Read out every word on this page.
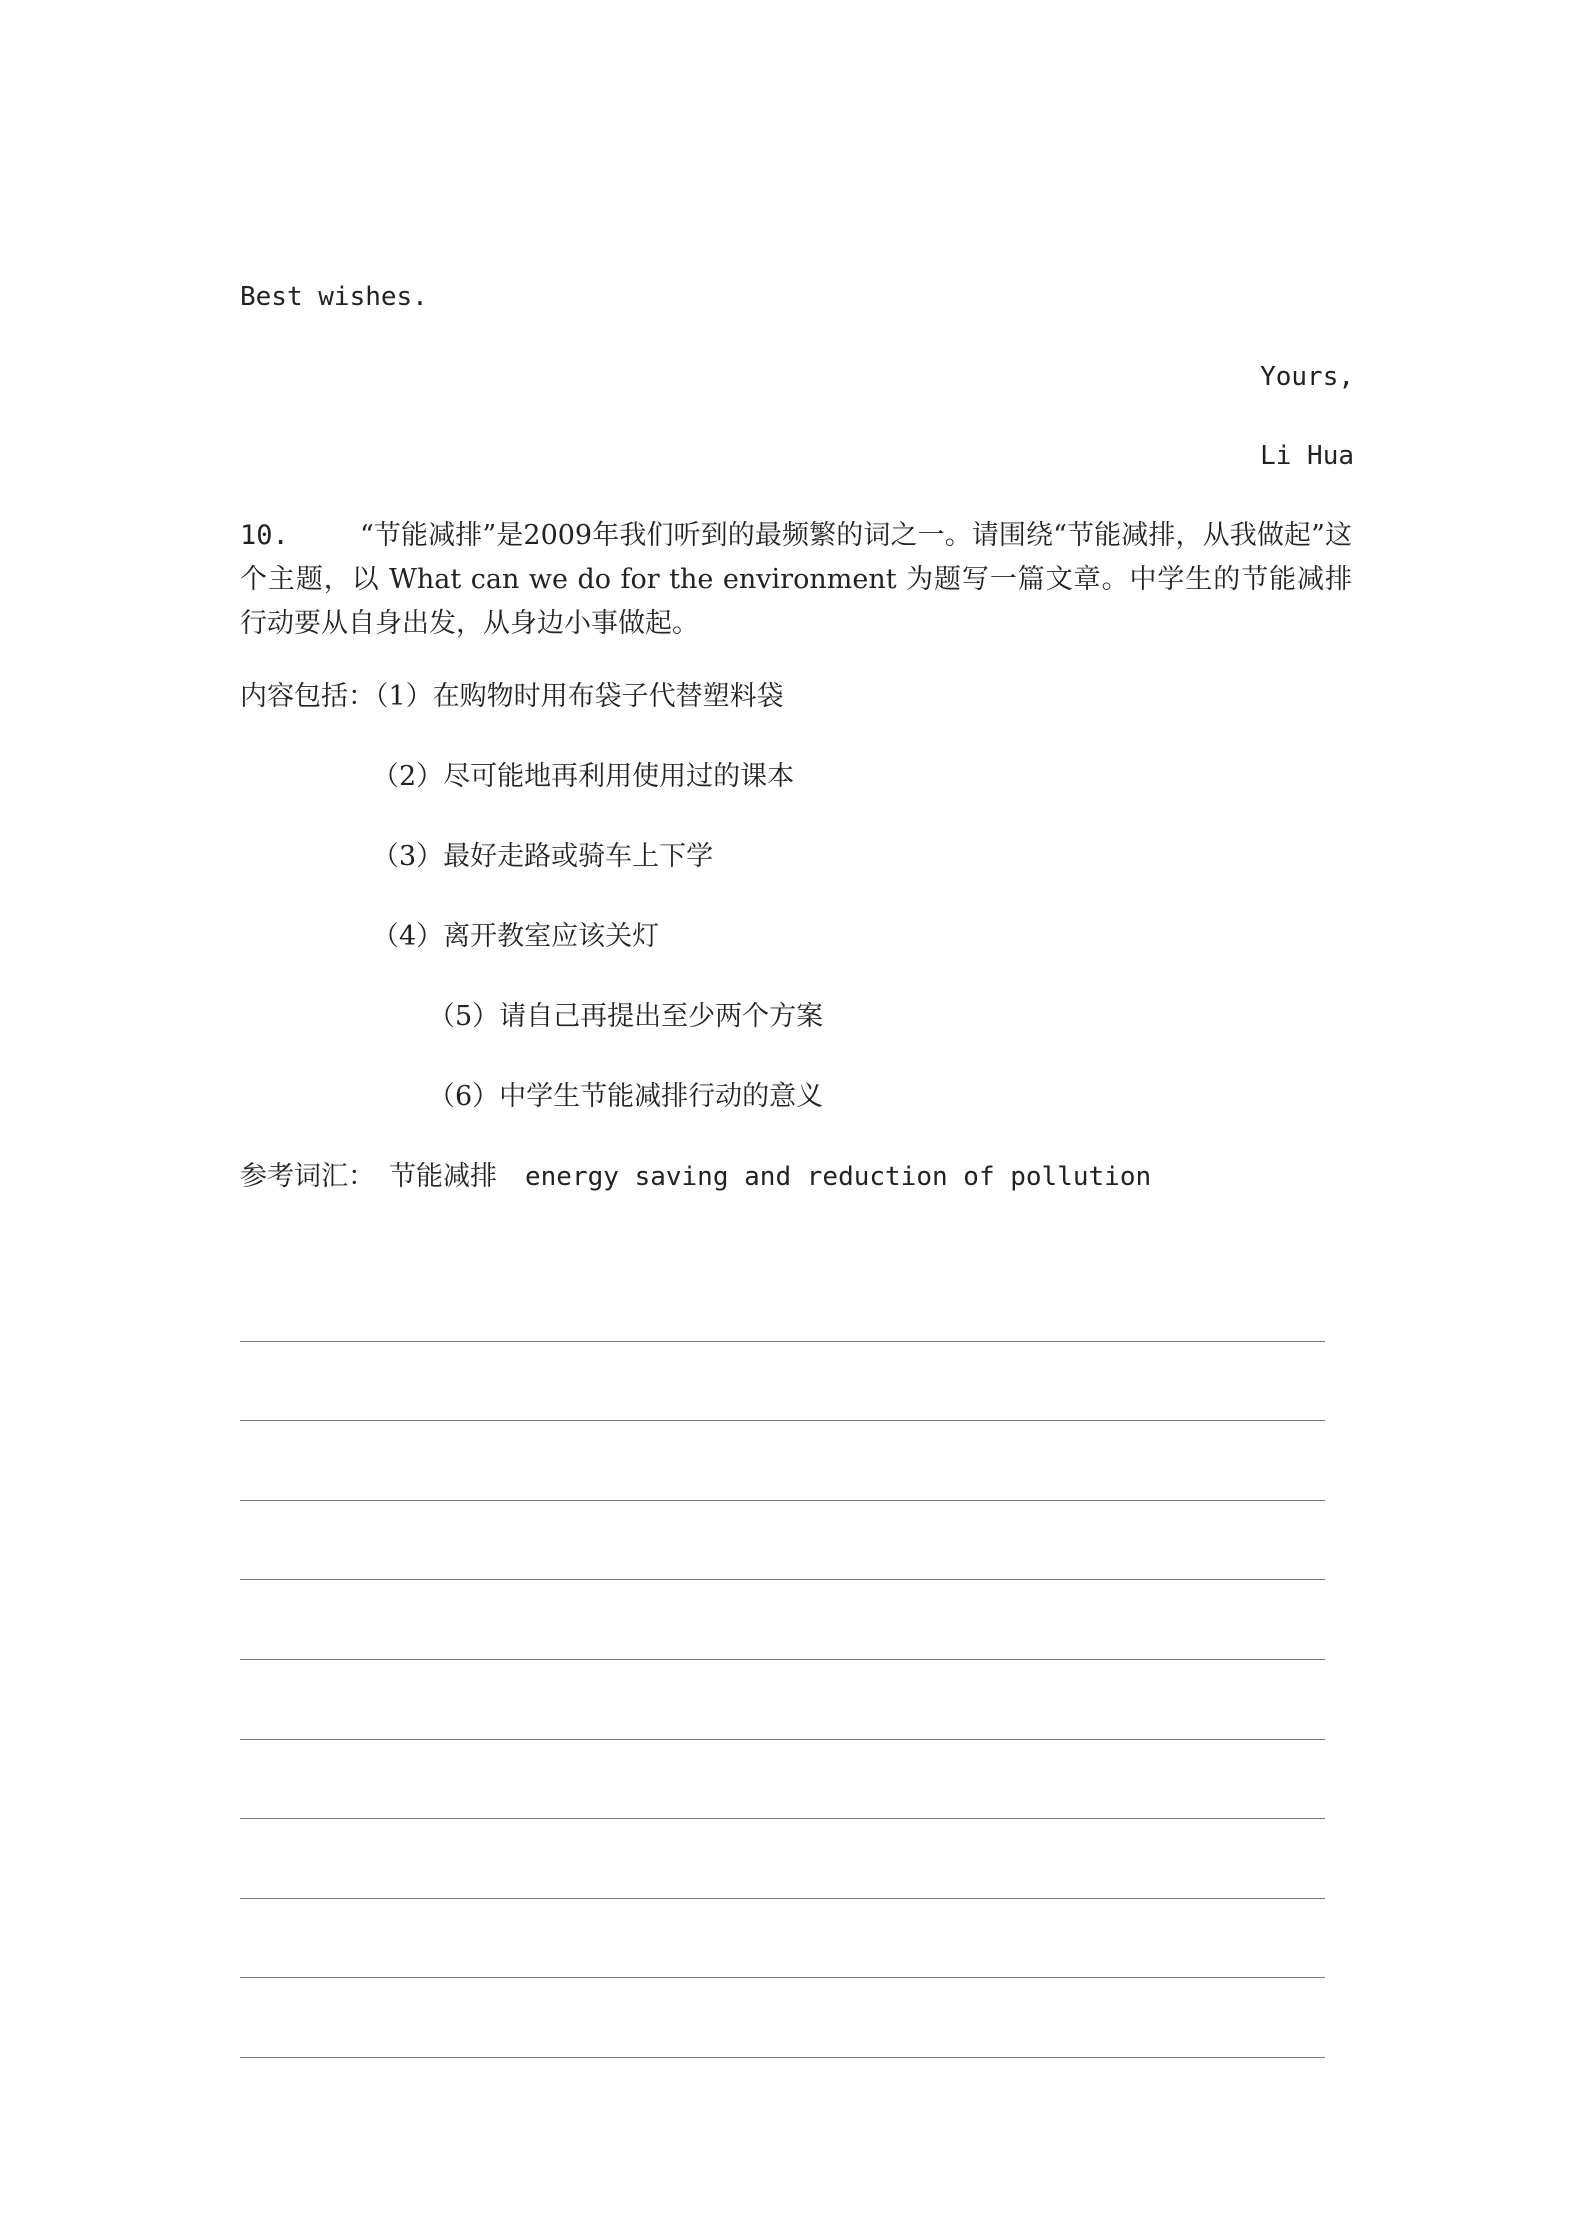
Best wishes.
Yours,
Li Hua
10.	“节能减排”是2009年我们听到的最频繁的词之一。请围绕“节能减排，从我做起”这个主题，以 What can we do for the environment 为题写一篇文章。中学生的节能减排行动要从自身出发，从身边小事做起。
内容包括：（1）在购物时用布袋子代替塑料袋
（2）尽可能地再利用使用过的课本
（3）最好走路或骑车上下学
（4）离开教室应该关灯
（5）请自己再提出至少两个方案
（6）中学生节能减排行动的意义
参考词汇： 节能减排 energy saving and reduction of pollution
